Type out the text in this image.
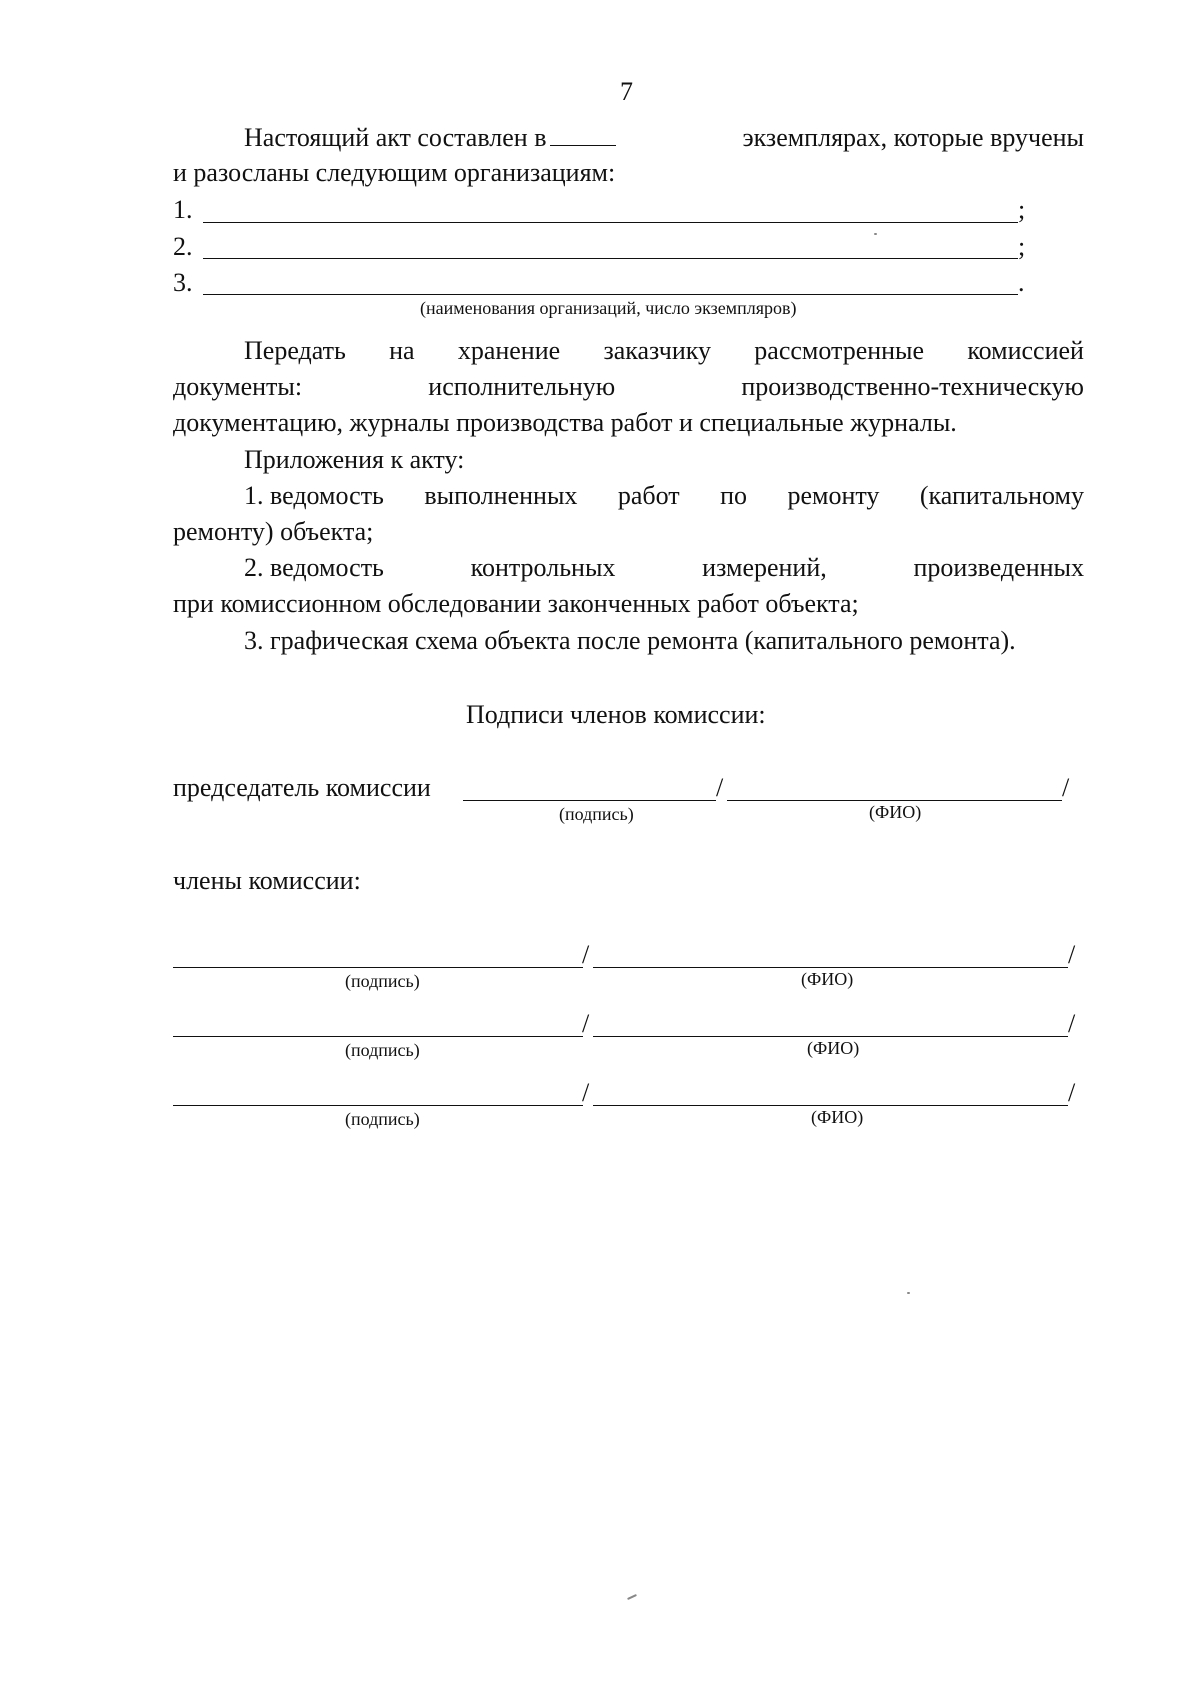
7
Настоящий акт составлен в	экземплярах, которые вручены
и разосланы следующим организациям:
1.	;
2.	;
3.	.
(наименования организаций, число экземпляров)
Передать на хранение заказчику рассмотренные комиссией
документы:	исполнительную	производственно-техническую
документацию, журналы производства работ и специальные журналы.
Приложения к акту:
1. ведомость выполненных работ по ремонту (капитальному
ремонту) объекта;
2. ведомость	контрольных	измерений,	произведенных
при комиссионном обследовании законченных работ объекта;
3. графическая схема объекта после ремонта (капитального ремонта).
Подписи членов комиссии:
председатель комиссии	/	/
(подпись)	(ФИО)
члены комиссии:
/	/
(подпись)	(ФИО)
/	/
(подпись)	(ФИО)
/	/
(подпись)	(ФИО)
